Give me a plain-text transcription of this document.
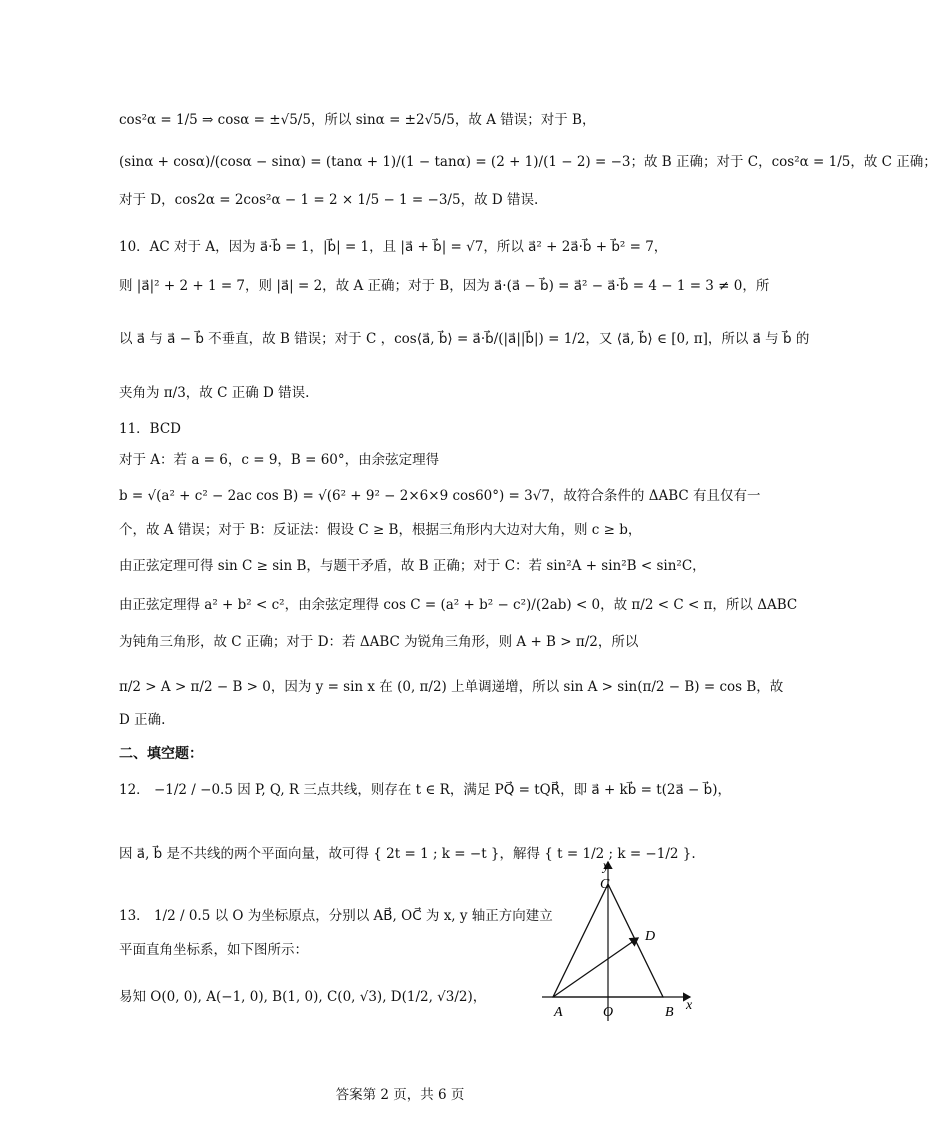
cos²α = 1/5 ⇒ cosα = ±√5/5，所以 sinα = ±2√5/5，故 A 错误；对于 B，
(sinα + cosα)/(cosα − sinα) = (tanα + 1)/(1 − tanα) = (2 + 1)/(1 − 2) = −3；故 B 正确；对于 C，cos²α = 1/5，故 C 正确；
对于 D，cos2α = 2cos²α − 1 = 2 × 1/5 − 1 = −3/5，故 D 错误.
10．AC 对于 A，因为 a⃗·b⃗ = 1，|b⃗| = 1，且 |a⃗ + b⃗| = √7，所以 a⃗² + 2a⃗·b⃗ + b⃗² = 7，
则 |a⃗|² + 2 + 1 = 7，则 |a⃗| = 2，故 A 正确；对于 B，因为 a⃗·(a⃗ − b⃗) = a⃗² − a⃗·b⃗ = 4 − 1 = 3 ≠ 0，所
以 a⃗ 与 a⃗ − b⃗ 不垂直，故 B 错误；对于 C ，cos⟨a⃗, b⃗⟩ = a⃗·b⃗/(|a⃗||b⃗|) = 1/2，又 ⟨a⃗, b⃗⟩ ∈ [0, π]，所以 a⃗ 与 b⃗ 的
夹角为 π/3，故 C 正确 D 错误.
11．BCD
对于 A：若 a = 6，c = 9，B = 60°，由余弦定理得
b = √(a² + c² − 2ac cos B) = √(6² + 9² − 2×6×9 cos60°) = 3√7，故符合条件的 ΔABC 有且仅有一
个，故 A 错误；对于 B：反证法：假设 C ≥ B，根据三角形内大边对大角，则 c ≥ b，
由正弦定理可得 sin C ≥ sin B，与题干矛盾，故 B 正确；对于 C：若 sin²A + sin²B < sin²C，
由正弦定理得 a² + b² < c²，由余弦定理得 cos C = (a² + b² − c²)/(2ab) < 0，故 π/2 < C < π，所以 ΔABC
为钝角三角形，故 C 正确；对于 D：若 ΔABC 为锐角三角形，则 A + B > π/2，所以
π/2 > A > π/2 − B > 0，因为 y = sin x 在 (0, π/2) 上单调递增，所以 sin A > sin(π/2 − B) = cos B，故
D 正确.
二、填空题：
12． −1/2 / −0.5 因 P, Q, R 三点共线，则存在 t ∈ R，满足 PQ⃗ = tQR⃗，即 a⃗ + kb⃗ = t(2a⃗ − b⃗)，
因 a⃗, b⃗ 是不共线的两个平面向量，故可得 { 2t = 1 ; k = −t }，解得 { t = 1/2 ; k = −1/2 }.
13． 1/2 / 0.5 以 O 为坐标原点，分别以 AB⃗, OC⃗ 为 x, y 轴正方向建立
平面直角坐标系，如下图所示：
易知 O(0, 0), A(−1, 0), B(1, 0), C(0, √3), D(1/2, √3/2)，
y
x
C
D
A	O	B
答案第 2 页，共 6 页
